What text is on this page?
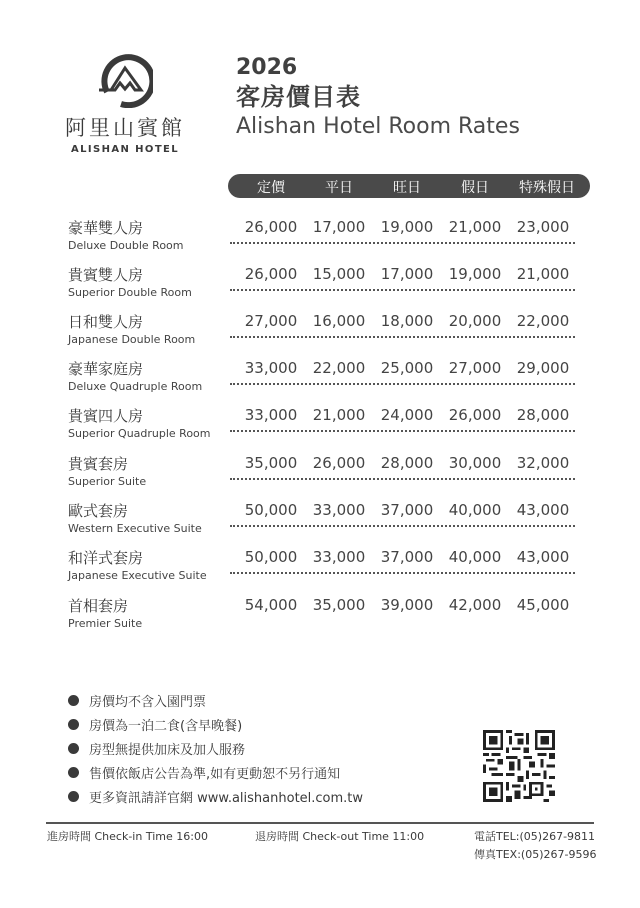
阿里山賓館
ALISHAN HOTEL
2026
客房價目表
Alishan Hotel Room Rates
定價	平日	旺日	假日	特殊假日
豪華雙人房
Deluxe Double Room
26,000	17,000	19,000	21,000	23,000
貴賓雙人房
Superior Double Room
26,000	15,000	17,000	19,000	21,000
日和雙人房
Japanese Double Room
27,000	16,000	18,000	20,000	22,000
豪華家庭房
Deluxe Quadruple Room
33,000	22,000	25,000	27,000	29,000
貴賓四人房
Superior Quadruple Room
33,000	21,000	24,000	26,000	28,000
貴賓套房
Superior Suite
35,000	26,000	28,000	30,000	32,000
歐式套房
Western Executive Suite
50,000	33,000	37,000	40,000	43,000
和洋式套房
Japanese Executive Suite
50,000	33,000	37,000	40,000	43,000
首相套房
Premier Suite
54,000	35,000	39,000	42,000	45,000
房價均不含入園門票
房價為一泊二食(含早晚餐)
房型無提供加床及加人服務
售價依飯店公告為準,如有更動恕不另行通知
更多資訊請詳官網 www.alishanhotel.com.tw
進房時間 Check-in Time 16:00	退房時間 Check-out Time 11:00	電話TEL:(05)267-9811
傳真TEX:(05)267-9596
